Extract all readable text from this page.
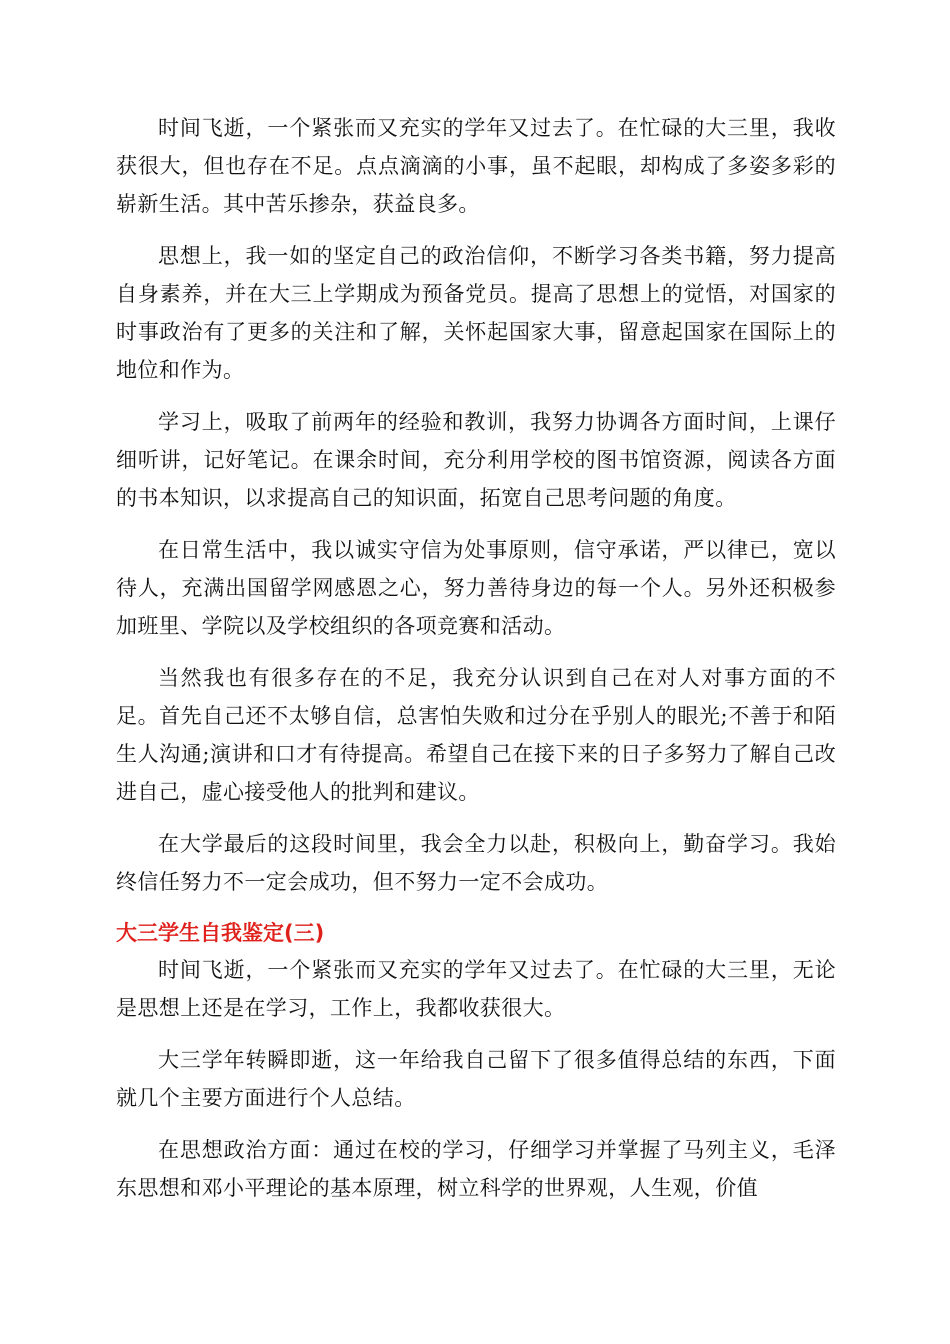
时间飞逝，一个紧张而又充实的学年又过去了。在忙碌的大三里，我收获很大，但也存在不足。点点滴滴的小事，虽不起眼，却构成了多姿多彩的崭新生活。其中苦乐掺杂，获益良多。

思想上，我一如的坚定自己的政治信仰，不断学习各类书籍，努力提高自身素养，并在大三上学期成为预备党员。提高了思想上的觉悟，对国家的时事政治有了更多的关注和了解，关怀起国家大事，留意起国家在国际上的地位和作为。

学习上，吸取了前两年的经验和教训，我努力协调各方面时间，上课仔细听讲，记好笔记。在课余时间，充分利用学校的图书馆资源，阅读各方面的书本知识，以求提高自己的知识面，拓宽自己思考问题的角度。

在日常生活中，我以诚实守信为处事原则，信守承诺，严以律已，宽以待人，充满出国留学网感恩之心，努力善待身边的每一个人。另外还积极参加班里、学院以及学校组织的各项竞赛和活动。

当然我也有很多存在的不足，我充分认识到自己在对人对事方面的不足。首先自己还不太够自信，总害怕失败和过分在乎别人的眼光;不善于和陌生人沟通;演讲和口才有待提高。希望自己在接下来的日子多努力了解自己改进自己，虚心接受他人的批判和建议。

在大学最后的这段时间里，我会全力以赴，积极向上，勤奋学习。我始终信任努力不一定会成功，但不努力一定不会成功。

大三学生自我鉴定(三)

时间飞逝，一个紧张而又充实的学年又过去了。在忙碌的大三里，无论是思想上还是在学习，工作上，我都收获很大。

大三学年转瞬即逝，这一年给我自己留下了很多值得总结的东西，下面就几个主要方面进行个人总结。

在思想政治方面：通过在校的学习，仔细学习并掌握了马列主义，毛泽东思想和邓小平理论的基本原理，树立科学的世界观，人生观，价值
